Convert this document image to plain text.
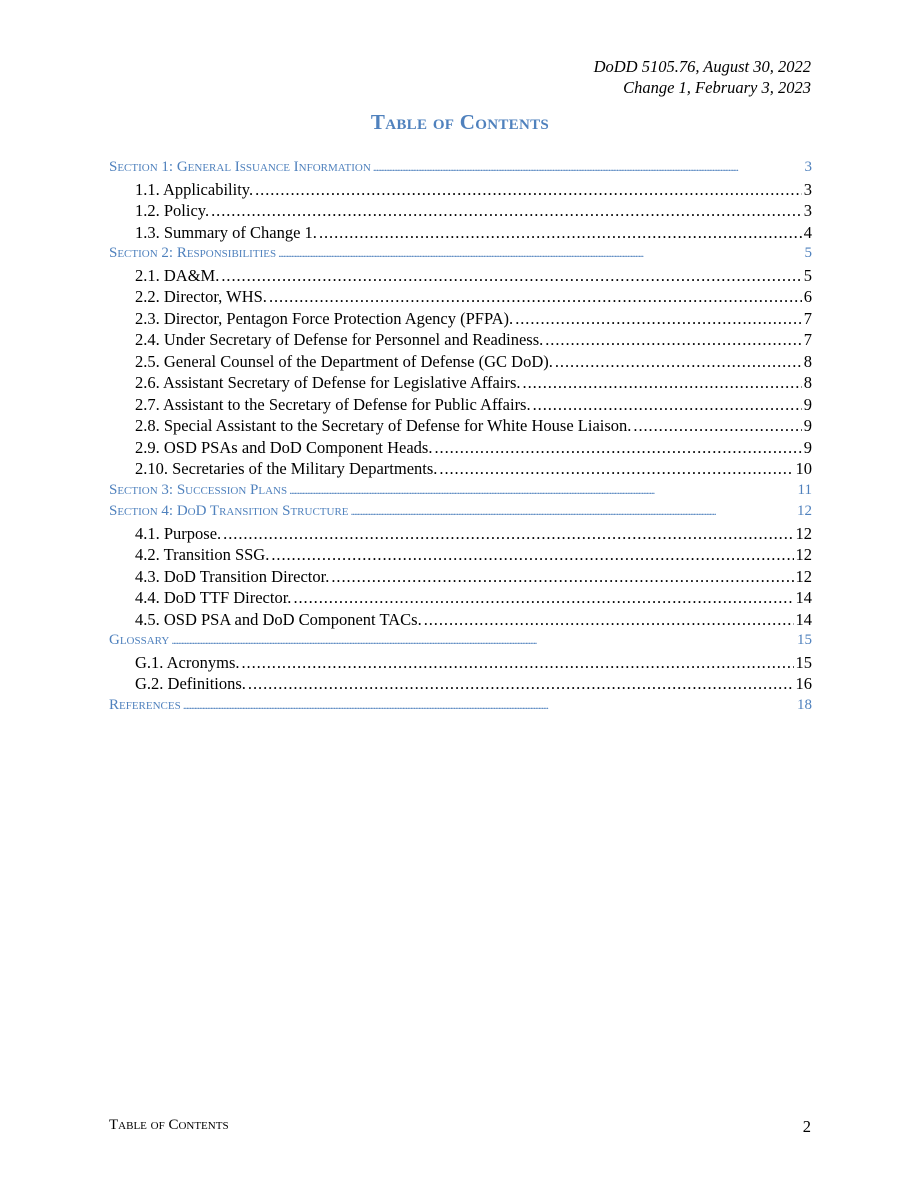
DoDD 5105.76, August 30, 2022
Change 1, February 3, 2023
Table of Contents
Section 1: General Issuance Information . . .	3
1.1. Applicability. . . .	3
1.2. Policy. . . .	3
1.3. Summary of Change 1. . . .	4
Section 2: Responsibilities . . .	5
2.1. DA&M. . . .	5
2.2. Director, WHS. . . .	6
2.3. Director, Pentagon Force Protection Agency (PFPA). . . .	7
2.4. Under Secretary of Defense for Personnel and Readiness. . . .	7
2.5. General Counsel of the Department of Defense (GC DoD). . . .	8
2.6. Assistant Secretary of Defense for Legislative Affairs. . . .	8
2.7. Assistant to the Secretary of Defense for Public Affairs. . . .	9
2.8. Special Assistant to the Secretary of Defense for White House Liaison. . . .	9
2.9. OSD PSAs and DoD Component Heads. . . .	9
2.10. Secretaries of the Military Departments. . . .	10
Section 3: Succession Plans . . .	11
Section 4: DoD Transition Structure . . .	12
4.1. Purpose. . . .	12
4.2. Transition SSG. . . .	12
4.3. DoD Transition Director. . . .	12
4.4. DoD TTF Director. . . .	14
4.5. OSD PSA and DoD Component TACs. . . .	14
Glossary . . .	15
G.1. Acronyms. . . .	15
G.2. Definitions. . . .	16
References . . .	18
Table of Contents	2
